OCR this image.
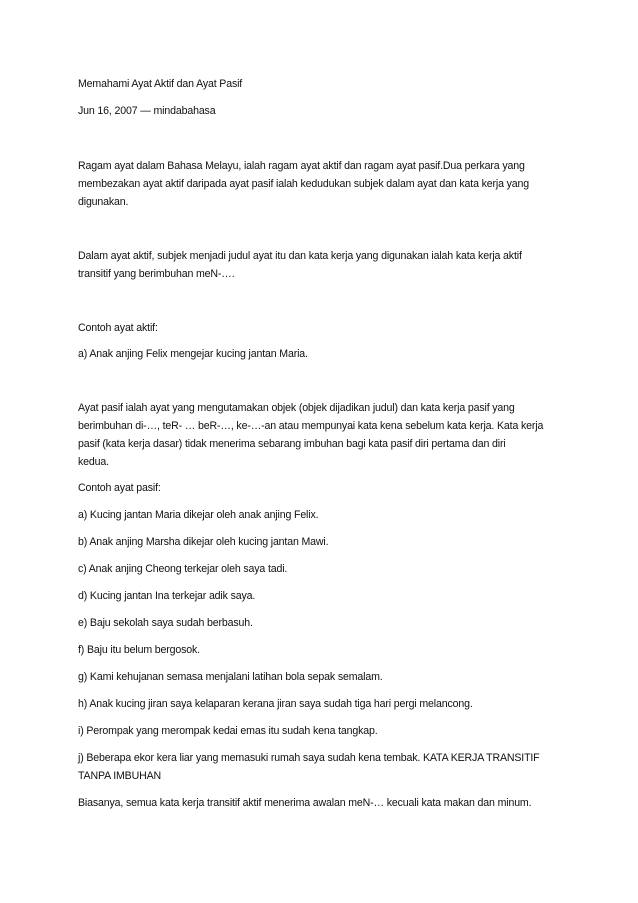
Memahami Ayat Aktif dan Ayat Pasif
Jun 16, 2007 — mindabahasa
Ragam ayat dalam Bahasa Melayu, ialah ragam ayat aktif dan ragam ayat pasif.Dua perkara yang
membezakan ayat aktif daripada ayat pasif ialah kedudukan subjek dalam ayat dan kata kerja yang
digunakan.
Dalam ayat aktif, subjek menjadi judul ayat itu dan kata kerja yang digunakan ialah kata kerja aktif
transitif yang berimbuhan meN-….
Contoh ayat aktif:
a) Anak anjing Felix mengejar kucing jantan Maria.
Ayat pasif ialah ayat yang mengutamakan objek (objek dijadikan judul) dan kata kerja pasif yang
berimbuhan di-…, teR- … beR-…, ke-…-an atau mempunyai kata kena sebelum kata kerja. Kata kerja
pasif (kata kerja dasar) tidak menerima sebarang imbuhan bagi kata pasif diri pertama dan diri
kedua.
Contoh ayat pasif:
a) Kucing jantan Maria dikejar oleh anak anjing Felix.
b) Anak anjing Marsha dikejar oleh kucing jantan Mawi.
c) Anak anjing Cheong terkejar oleh saya tadi.
d) Kucing jantan Ina terkejar adik saya.
e) Baju sekolah saya sudah berbasuh.
f) Baju itu belum bergosok.
g) Kami kehujanan semasa menjalani latihan bola sepak semalam.
h) Anak kucing jiran saya kelaparan kerana jiran saya sudah tiga hari pergi melancong.
i) Perompak yang merompak kedai emas itu sudah kena tangkap.
j) Beberapa ekor kera liar yang memasuki rumah saya sudah kena tembak. KATA KERJA TRANSITIF
TANPA IMBUHAN
Biasanya, semua kata kerja transitif aktif menerima awalan meN-… kecuali kata makan dan minum.
